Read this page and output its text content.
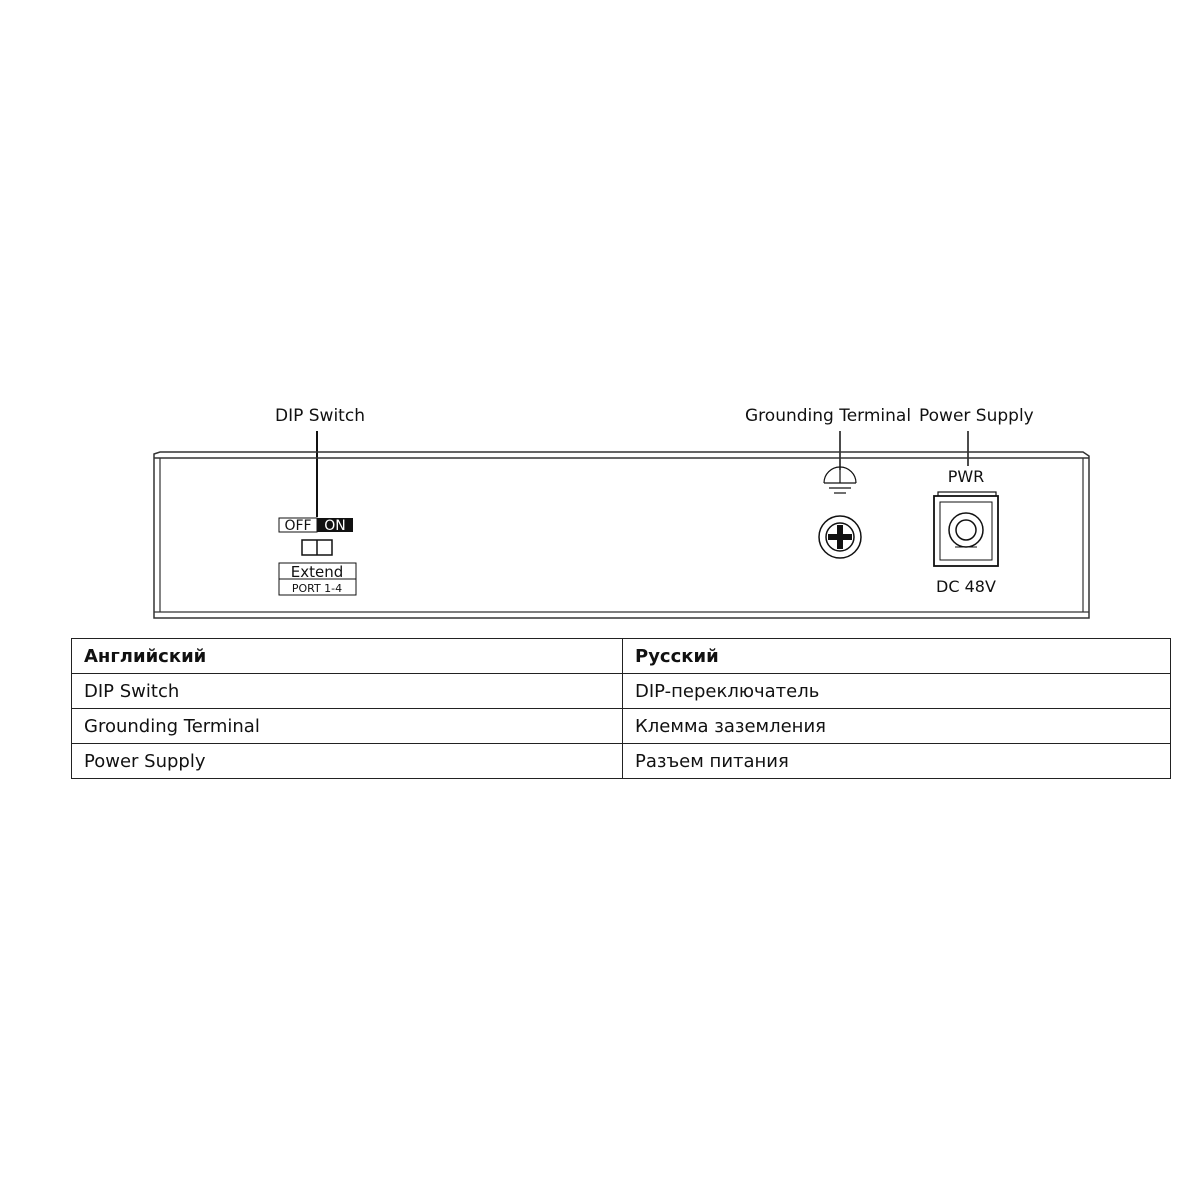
DIP Switch	Grounding Terminal Power Supply
OFF ON
Extend
PORT 1-4
PWR
DC 48V
Английский	Русский
DIP Switch	DIP-переключатель
Grounding Terminal	Клемма заземления
Power Supply	Разъем питания
